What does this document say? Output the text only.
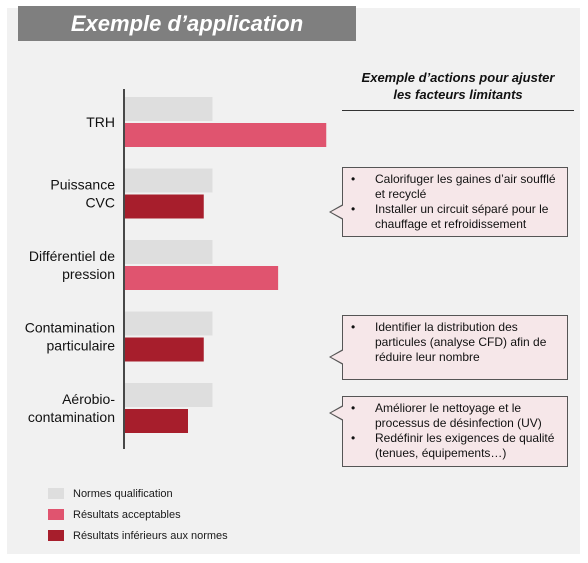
Exemple d’application
Exemple d’actions pour ajuster
les facteurs limitants
TRH
Puissance
CVC
Différentiel de
pression
Contamination
particulaire
Aérobio-
contamination
Normes qualification
Résultats acceptables
Résultats inférieurs aux normes
•	Calorifuger les gaines d’air soufflé et recyclé
•	Installer un circuit séparé pour le chauffage et refroidissement
•	Identifier la distribution des particules (analyse CFD) afin de réduire leur nombre
•	Améliorer le nettoyage et le processus de désinfection (UV)
•	Redéfinir les exigences de qualité (tenues, équipements…)
